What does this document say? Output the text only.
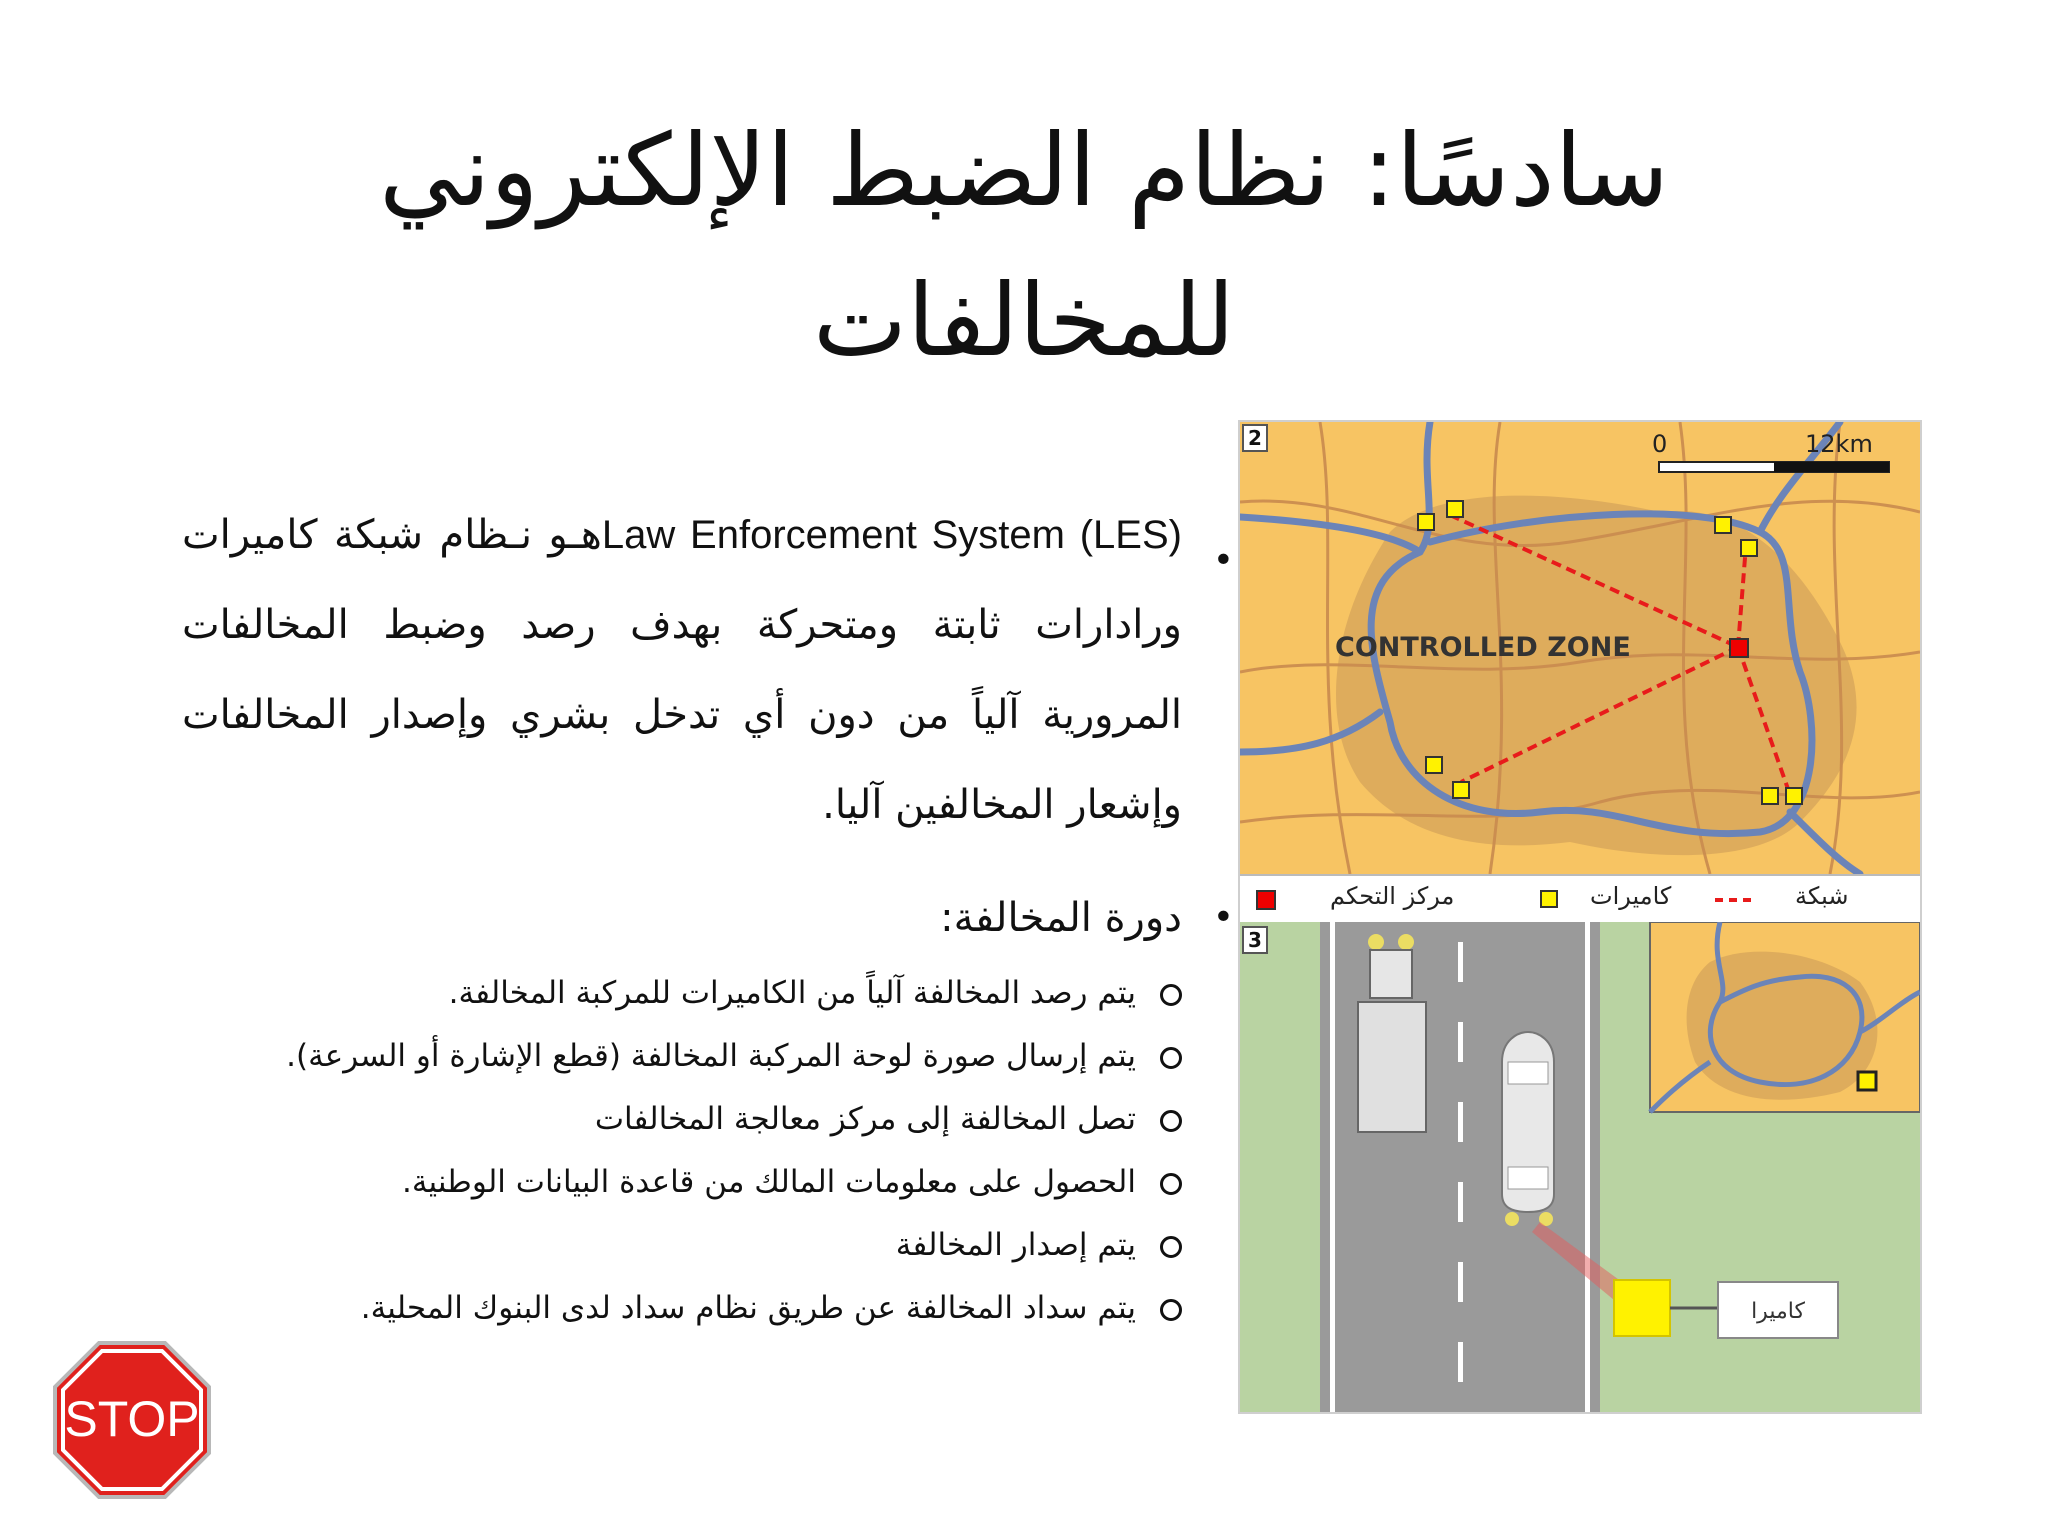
سادسًا: نظام الضبط الإلكتروني
للمخالفات
•
Law Enforcement System (LES)هـو نـظام شبكة كاميرات ورادارات ثابتة ومتحركة بهدف رصد وضبط المخالفات المرورية آلياً من دون أي تدخل بشري وإصدار المخالفات وإشعار المخالفين آليا.
•
دورة المخالفة:
يتم رصد المخالفة آلياً من الكاميرات للمركبة المخالفة.
يتم إرسال صورة لوحة المركبة المخالفة (قطع الإشارة أو السرعة).
تصل المخالفة إلى مركز معالجة المخالفات
الحصول على معلومات المالك من قاعدة البيانات الوطنية.
يتم إصدار المخالفة
يتم سداد المخالفة عن طريق نظام سداد لدى البنوك المحلية.
0	12km
CONTROLLED ZONE
2
مركز التحكم	كاميرات	شبكة
كاميرا
3
STOP
